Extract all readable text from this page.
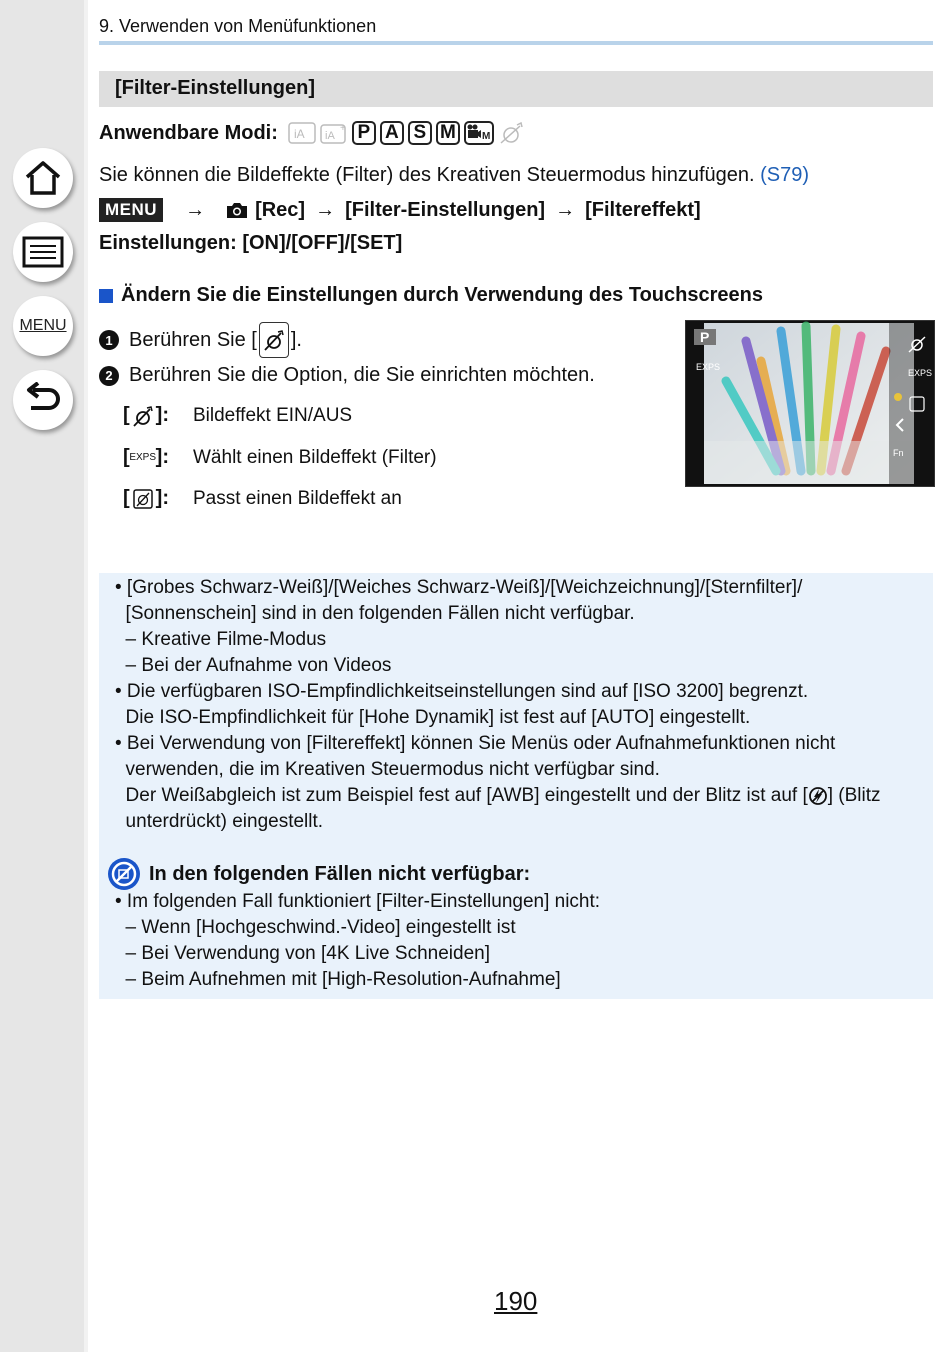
MENU
9. Verwenden von Menüfunktionen
[Filter-Einstellungen]
Anwendbare Modi: iA iA
+ P A S M	M
Sie können die Bildeffekte (Filter) des Kreativen Steuermodus hinzufügen. (S79)
MENU	→	[Rec] → [Filter-Einstellungen] → [Filtereffekt]
Einstellungen: [ON]/[OFF]/[SET]
Ändern Sie die Einstellungen durch Verwendung des Touchscreens
1 Berühren Sie [ ].
2 Berühren Sie die Option, die Sie einrichten möchten.
[ ]: Bildeffekt EIN/AUS
[ EXPS ]: Wählt einen Bildeffekt (Filter)
[ ]: Passt einen Bildeffekt an
P
EXPS
EXPS
Fn
• [Grobes Schwarz-Weiß]/[Weiches Schwarz-Weiß]/[Weichzeichnung]/[Sternfilter]/
[Sonnenschein] sind in den folgenden Fällen nicht verfügbar.
– Kreative Filme-Modus
– Bei der Aufnahme von Videos
• Die verfügbaren ISO-Empfindlichkeitseinstellungen sind auf [ISO 3200] begrenzt.
Die ISO-Empfindlichkeit für [Hohe Dynamik] ist fest auf [AUTO] eingestellt.
• Bei Verwendung von [Filtereffekt] können Sie Menüs oder Aufnahmefunktionen nicht
verwenden, die im Kreativen Steuermodus nicht verfügbar sind.
Der Weißabgleich ist zum Beispiel fest auf [AWB] eingestellt und der Blitz ist auf [ ] (Blitz
unterdrückt) eingestellt.
In den folgenden Fällen nicht verfügbar:
• Im folgenden Fall funktioniert [Filter-Einstellungen] nicht:
– Wenn [Hochgeschwind.-Video] eingestellt ist
– Bei Verwendung von [4K Live Schneiden]
– Beim Aufnehmen mit [High-Resolution-Aufnahme]
190
